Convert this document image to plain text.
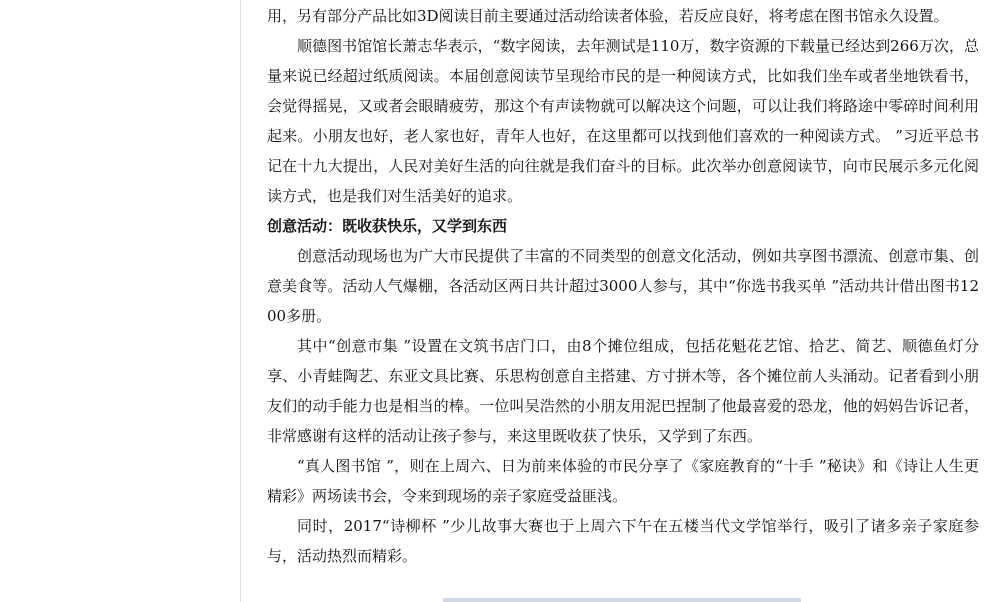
用，另有部分产品比如3D阅读目前主要通过活动给读者体验，若反应良好，将考虑在图书馆永久设置。

顺德图书馆馆长萧志华表示，“数字阅读，去年测试是110万，数字资源的下载量已经达到266万次，总量来说已经超过纸质阅读。本届创意阅读节呈现给市民的是一种阅读方式，比如我们坐车或者坐地铁看书，会觉得摇晃，又或者会眼睛疲劳，那这个有声读物就可以解决这个问题，可以让我们将路途中零碎时间利用起来。小朋友也好，老人家也好，青年人也好，在这里都可以找到他们喜欢的一种阅读方式。 ”习近平总书记在十九大提出，人民对美好生活的向往就是我们奋斗的目标。此次举办创意阅读节，向市民展示多元化阅读方式，也是我们对生活美好的追求。

创意活动：既收获快乐，又学到东西

创意活动现场也为广大市民提供了丰富的不同类型的创意文化活动，例如共享图书漂流、创意市集、创意美食等。活动人气爆棚，各活动区两日共计超过3000人参与，其中“你选书我买单 ”活动共计借出图书1200多册。

其中“创意市集 ”设置在文筑书店门口，由8个摊位组成，包括花魁花艺馆、拾艺、简艺、顺德鱼灯分享、小青蛙陶艺、东亚文具比赛、乐思构创意自主搭建、方寸拼木等，各个摊位前人头涌动。记者看到小朋友们的动手能力也是相当的棒。一位叫吴浩然的小朋友用泥巴捏制了他最喜爱的恐龙，他的妈妈告诉记者，非常感谢有这样的活动让孩子参与，来这里既收获了快乐，又学到了东西。

“真人图书馆 ”，则在上周六、日为前来体验的市民分享了《家庭教育的“十手 ”秘诀》和《诗让人生更精彩》两场读书会，令来到现场的亲子家庭受益匪浅。

同时，2017“诗柳杯 ”少儿故事大赛也于上周六下午在五楼当代文学馆举行，吸引了诸多亲子家庭参与，活动热烈而精彩。
